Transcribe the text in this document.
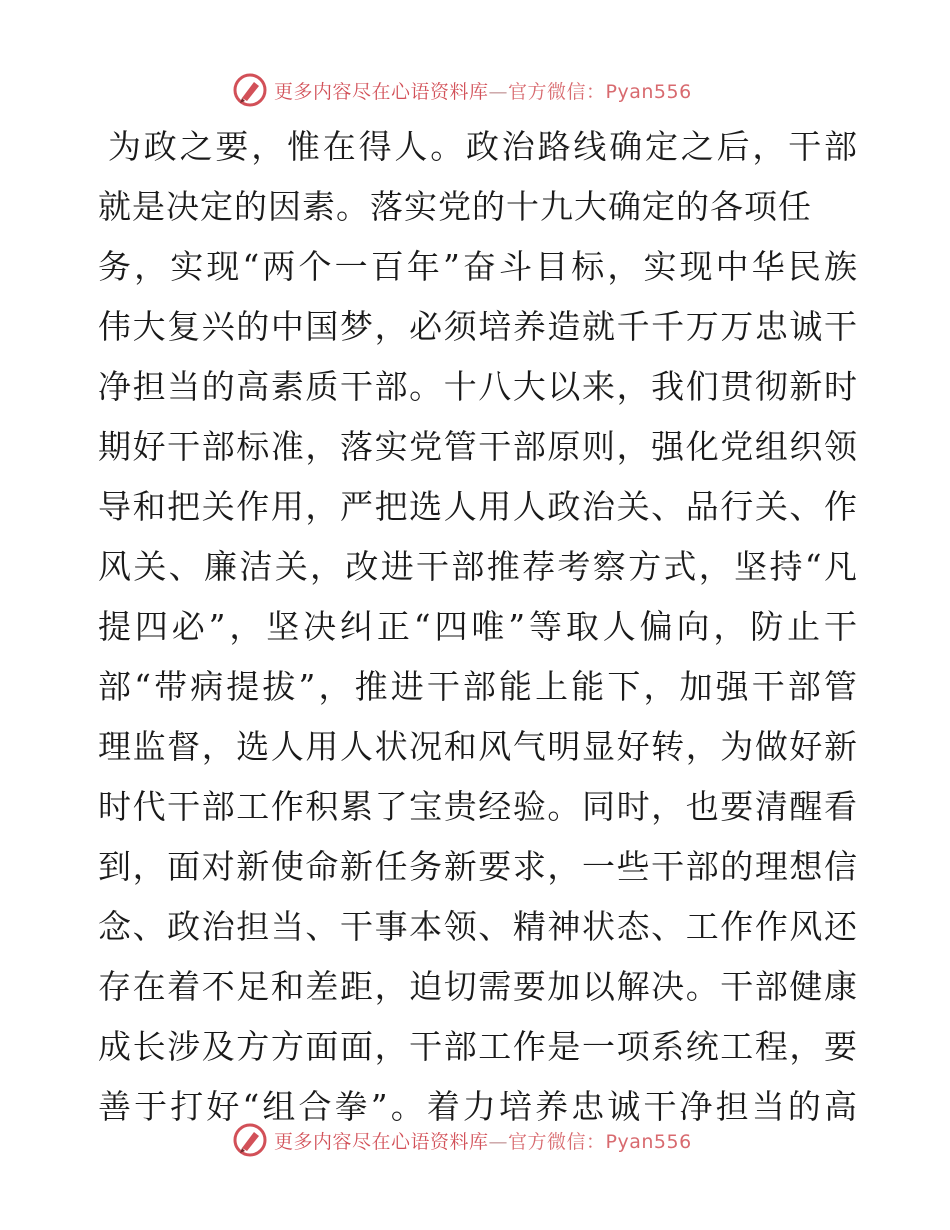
更多内容尽在心语资料库—官方微信：Pyan556
为政之要，惟在得人。政治路线确定之后，干部
就是决定的因素。落实党的十九大确定的各项任
务，实现“两个一百年”奋斗目标，实现中华民族
伟大复兴的中国梦，必须培养造就千千万万忠诚干
净担当的高素质干部。十八大以来，我们贯彻新时
期好干部标准，落实党管干部原则，强化党组织领
导和把关作用，严把选人用人政治关、品行关、作
风关、廉洁关，改进干部推荐考察方式，坚持“凡
提四必”，坚决纠正“四唯”等取人偏向，防止干
部“带病提拔”，推进干部能上能下，加强干部管
理监督，选人用人状况和风气明显好转，为做好新
时代干部工作积累了宝贵经验。同时，也要清醒看
到，面对新使命新任务新要求，一些干部的理想信
念、政治担当、干事本领、精神状态、工作作风还
存在着不足和差距，迫切需要加以解决。干部健康
成长涉及方方面面，干部工作是一项系统工程，要
善于打好“组合拳”。着力培养忠诚干净担当的高
更多内容尽在心语资料库—官方微信：Pyan556
